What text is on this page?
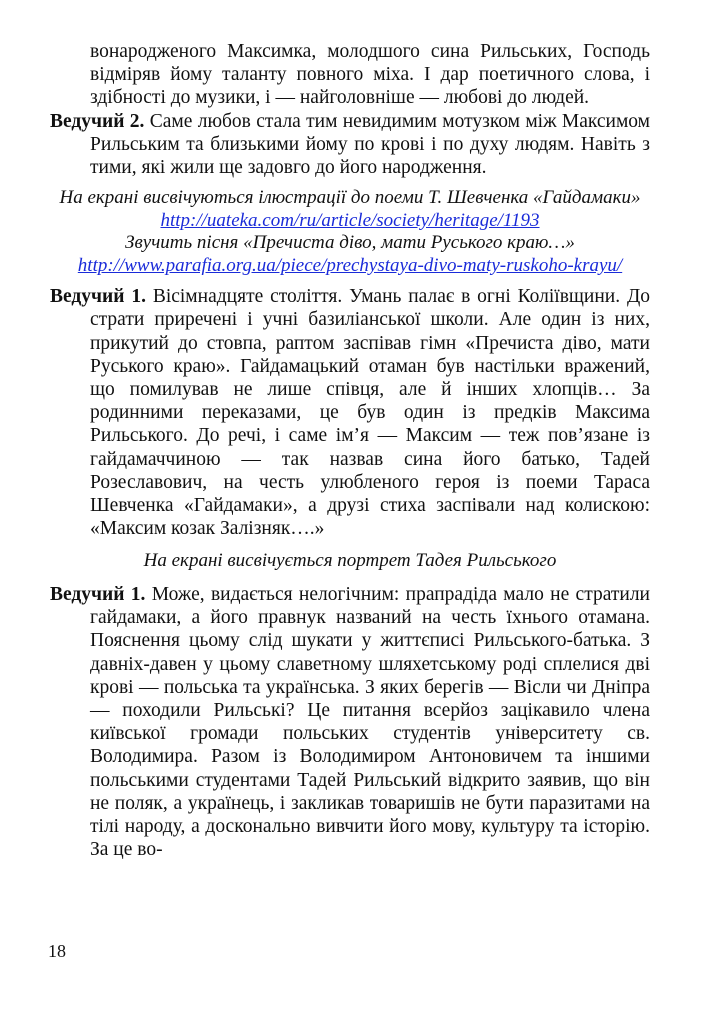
вонародженого Максимка, молодшого сина Рильських, Господь відміряв йому таланту повного міха. І дар поетичного слова, і здібності до музики, і — найголовніше — любові до людей.

Ведучий 2. Саме любов стала тим невидимим мотузком між Максимом Рильським та близькими йому по крові і по духу людям. Навіть з тими, які жили ще задовго до його народження.

На екрані висвічуються ілюстрації до поеми Т. Шевченка «Гайдамаки»

http://uateka.com/ru/article/society/heritage/1193

Звучить пісня «Пречиста діво, мати Руського краю…»

http://www.parafia.org.ua/piece/prechystaya-divo-maty-ruskoho-krayu/

Ведучий 1. Вісімнадцяте століття. Умань палає в огні Коліївщини. До страти приречені і учні базиліанської школи. Але один із них, прикутий до стовпа, раптом заспівав гімн «Пречиста діво, мати Руського краю». Гайдамацький отаман був настільки вражений, що помилував не лише співця, але й інших хлопців… За родинними переказами, це був один із предків Максима Рильського. До речі, і саме ім’я — Максим — теж пов’язане із гайдамаччиною — так назвав сина його батько, Тадей Розеславович, на честь улюбленого героя із поеми Тараса Шевченка «Гайдамаки», а друзі стиха заспівали над колискою: «Максим козак Залізняк….»

На екрані висвічується портрет Тадея Рильського

Ведучий 1. Може, видається нелогічним: прапрадіда мало не стратили гайдамаки, а його правнук названий на честь їхнього отамана. Пояснення цьому слід шукати у життєписі Рильського-батька. З давніх-давен у цьому славетному шляхетському роді сплелися дві крові — польська та українська. З яких берегів — Вісли чи Дніпра — походили Рильські? Це питання всерйоз зацікавило члена київської громади польських студентів університету св. Володимира. Разом із Володимиром Антоновичем та іншими польськими студентами Тадей Рильський відкрито заявив, що він не поляк, а українець, і закликав товаришів не бути паразитами на тілі народу, а досконально вивчити його мову, культуру та історію. За це во-

18
